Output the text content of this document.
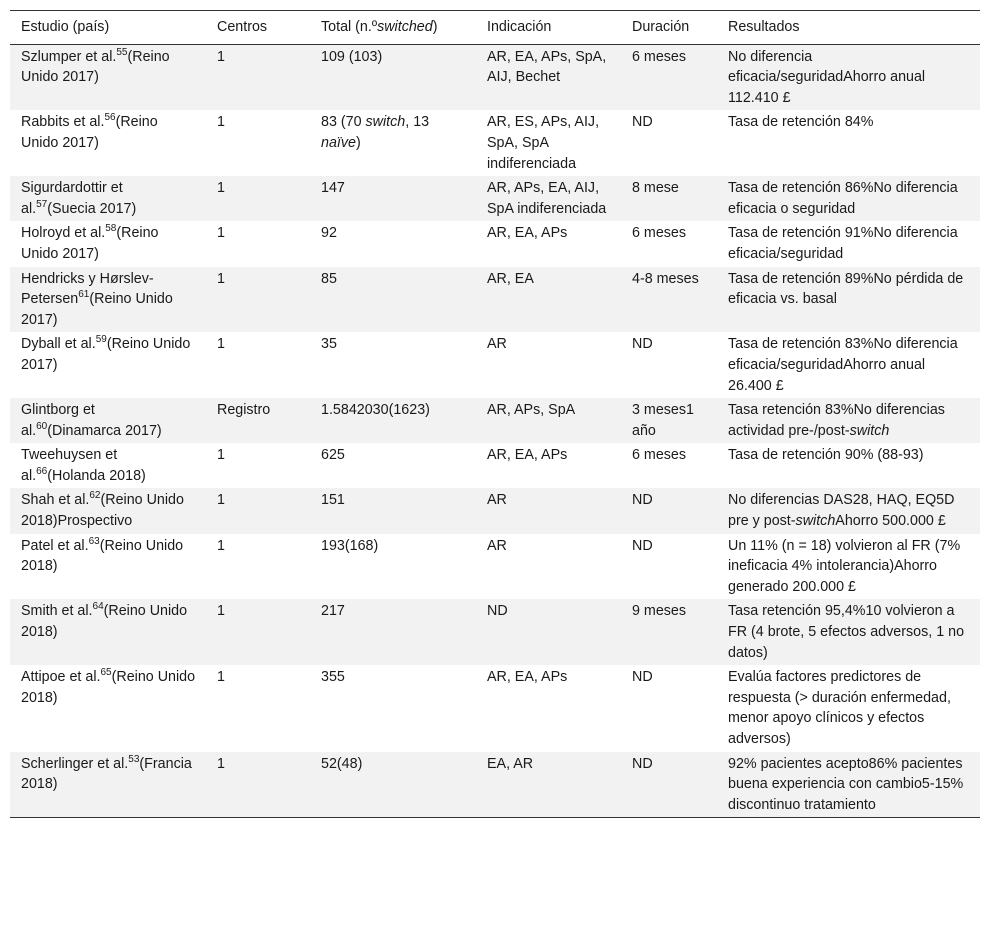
Estudio (país)	Centros	Total (n.ºswitched)	Indicación	Duración	Resultados
Szlumper et al.$^{55}$(Reino Unido 2017)	1	109 (103)	AR, EA, APs, SpA, AIJ, Bechet	6 meses	No diferencia eficacia/seguridadAhorro anual 112.410 £
Rabbits et al.$^{56}$(Reino Unido 2017)	1	83 (70 switch, 13 naïve)	AR, ES, APs, AIJ, SpA, SpA indiferenciada	ND	Tasa de retención 84%
Sigurdardottir et al.$^{57}$(Suecia 2017)	1	147	AR, APs, EA, AIJ, SpA indiferenciada	8 mese	Tasa de retención 86%No diferencia eficacia o seguridad
Holroyd et al.$^{58}$(Reino Unido 2017)	1	92	AR, EA, APs	6 meses	Tasa de retención 91%No diferencia eficacia/seguridad
Hendricks y Hørslev-Petersen$^{61}$(Reino Unido 2017)	1	85	AR, EA	4-8 meses	Tasa de retención 89%No pérdida de eficacia vs. basal
Dyball et al.$^{59}$(Reino Unido 2017)	1	35	AR	ND	Tasa de retención 83%No diferencia eficacia/seguridadAhorro anual 26.400 £
Glintborg et al.$^{60}$(Dinamarca 2017)	Registro	1.5842030(1623)	AR, APs, SpA	3 meses1 año	Tasa retención 83%No diferencias actividad pre-/post-switch
Tweehuysen et al.$^{66}$(Holanda 2018)	1	625	AR, EA, APs	6 meses	Tasa de retención 90% (88-93)
Shah et al.$^{62}$(Reino Unido 2018)Prospectivo	1	151	AR	ND	No diferencias DAS28, HAQ, EQ5D pre y post-switchAhorro 500.000 £
Patel et al.$^{63}$(Reino Unido 2018)	1	193(168)	AR	ND	Un 11% (n = 18) volvieron al FR (7% ineficacia 4% intolerancia)Ahorro generado 200.000 £
Smith et al.$^{64}$(Reino Unido 2018)	1	217	ND	9 meses	Tasa retención 95,4%10 volvieron a FR (4 brote, 5 efectos adversos, 1 no datos)
Attipoe et al.$^{65}$(Reino Unido 2018)	1	355	AR, EA, APs	ND	Evalúa factores predictores de respuesta (> duración enfermedad, menor apoyo clínicos y efectos adversos)
Scherlinger et al.$^{53}$(Francia 2018)	1	52(48)	EA, AR	ND	92% pacientes acepto86% pacientes buena experiencia con cambio5-15% discontinuo tratamiento
